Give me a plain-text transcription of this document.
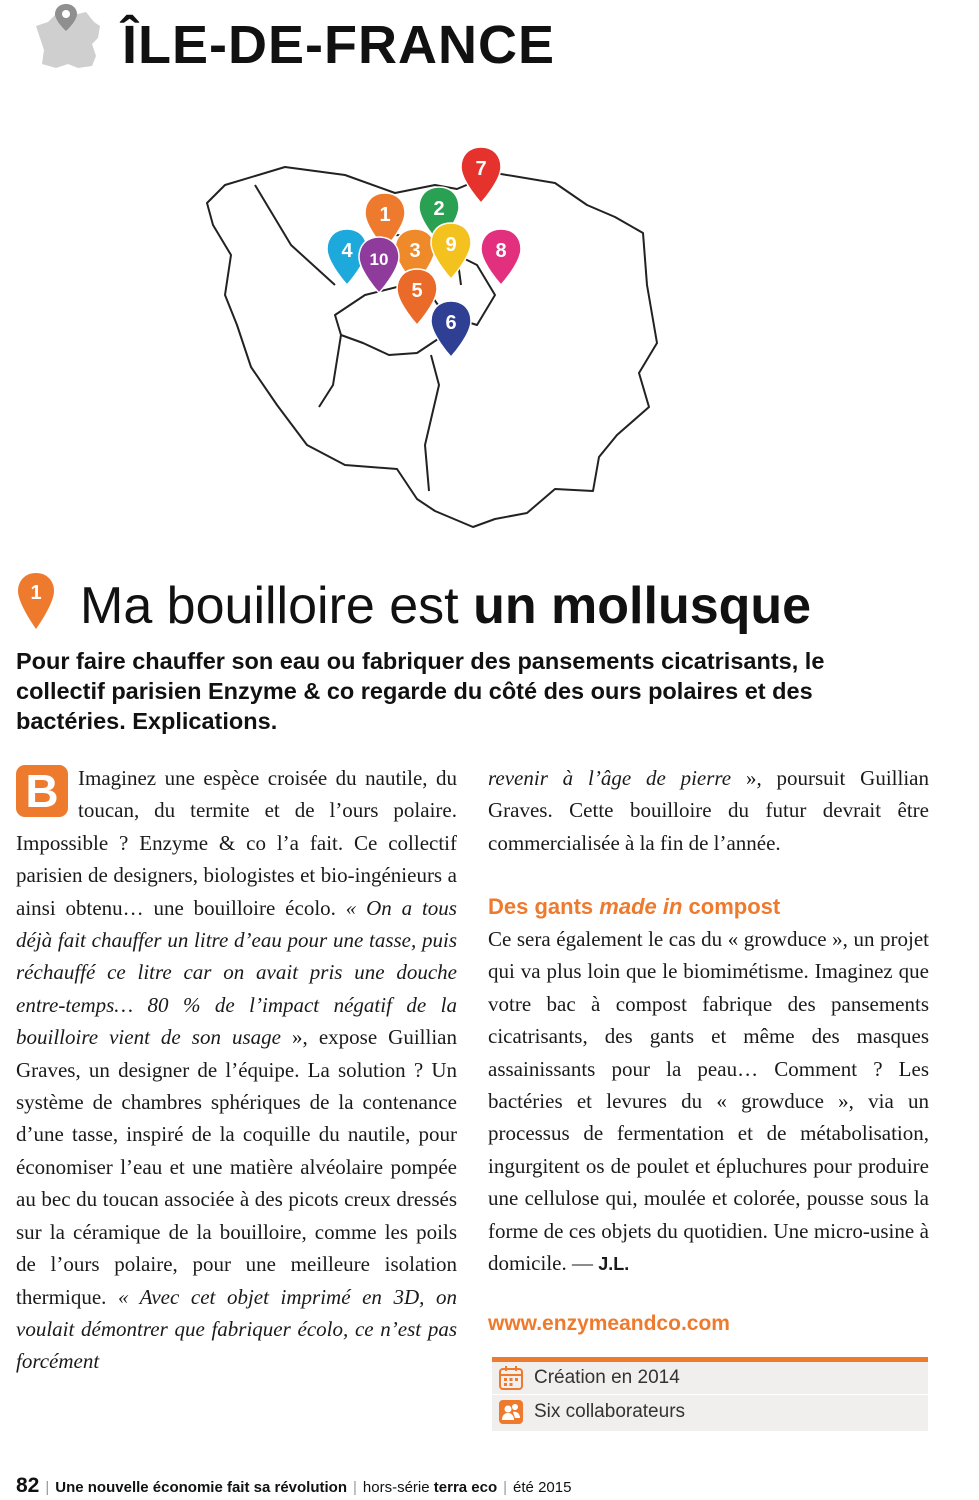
ÎLE-DE-FRANCE
1 2
3
4
5
6
7
8
9
10
1 Ma bouilloire est un mollusque

Pour faire chauffer son eau ou fabriquer des pansements cicatrisants, le collectif parisien Enzyme & co regarde du côté des ours polaires et des bactéries. Explications.

B Imaginez une espèce croisée du nautile, du toucan, du termite et de l’ours polaire. Impossible ? Enzyme & co l’a fait. Ce collectif parisien de designers, biologistes et bio-ingénieurs a ainsi obtenu… une bouilloire écolo. « On a tous déjà fait chauffer un litre d’eau pour une tasse, puis réchauffé ce litre car on avait pris une douche entre-temps… 80 % de l’impact négatif de la bouilloire vient de son usage », expose Guillian Graves, un designer de l’équipe. La solution ? Un système de chambres sphériques de la contenance d’une tasse, inspiré de la coquille du nautile, pour économiser l’eau et une matière alvéolaire pompée au bec du toucan associée à des picots creux dressés sur la céramique de la bouilloire, comme les poils de l’ours polaire, pour une meilleure isolation thermique. « Avec cet objet imprimé en 3D, on voulait démontrer que fabriquer écolo, ce n’est pas forcément
revenir à l’âge de pierre », poursuit Guillian Graves. Cette bouilloire du futur devrait être commercialisée à la fin de l’année.
Des gants made in compost
Ce sera également le cas du « growduce », un projet qui va plus loin que le biomimétisme. Imaginez que votre bac à compost fabrique des pansements cicatrisants, des gants et même des masques assainissants pour la peau… Comment ? Les bactéries et levures du « growduce », via un processus de fermentation et de métabolisation, ingurgitent os de poulet et épluchures pour produire une cellulose qui, moulée et colorée, pousse sous la forme de ces objets du quotidien. Une micro-usine à domicile. — J.L.
www.enzymeandco.com
Création en 2014
Six collaborateurs
82 | Une nouvelle économie fait sa révolution | hors-série terra eco | été 2015
